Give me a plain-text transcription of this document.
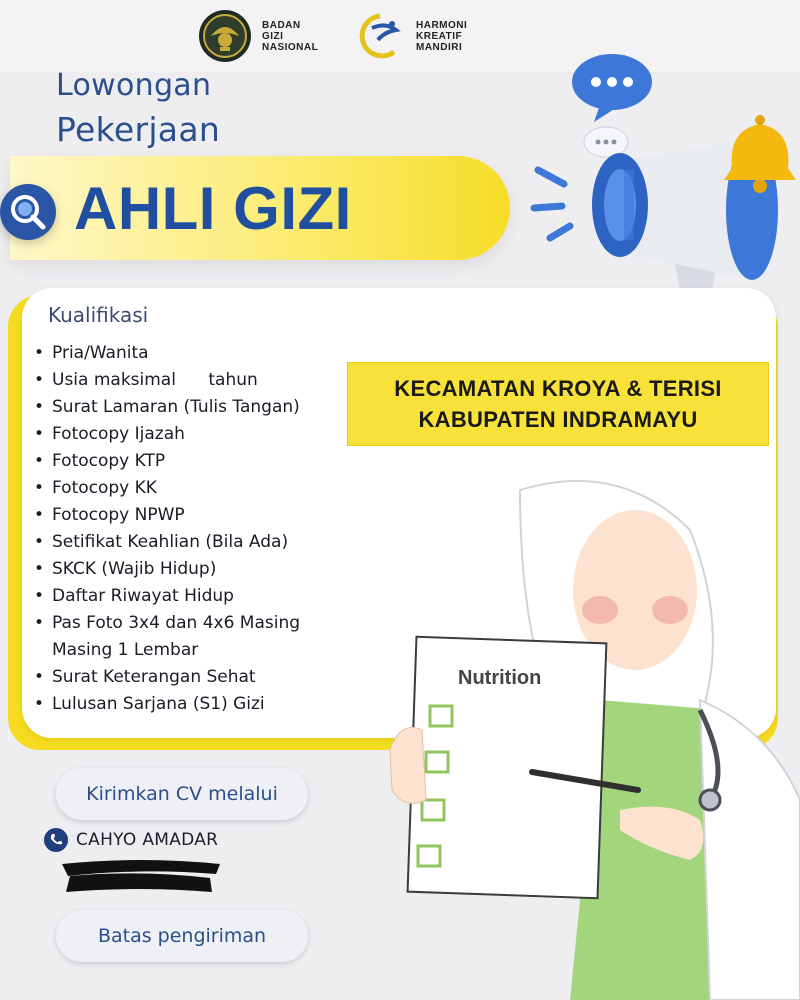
BADAN
GIZI
NASIONAL
HARMONI
KREATIF
MANDIRI
Lowongan
Pekerjaan
AHLI GIZI
Kualifikasi
• Pria/Wanita
• Usia maksimal      tahun
• Surat Lamaran (Tulis Tangan)
• Fotocopy Ijazah
• Fotocopy KTP
• Fotocopy KK
• Fotocopy NPWP
• Setifikat Keahlian (Bila Ada)
• SKCK (Wajib Hidup)
• Daftar Riwayat Hidup
• Pas Foto 3x4 dan 4x6 Masing
Masing 1 Lembar
• Surat Keterangan Sehat
• Lulusan Sarjana (S1) Gizi
KECAMATAN KROYA & TERISI
KABUPATEN INDRAMAYU
Nutrition
Kirimkan CV melalui
CAHYO AMADAR
Batas pengiriman
